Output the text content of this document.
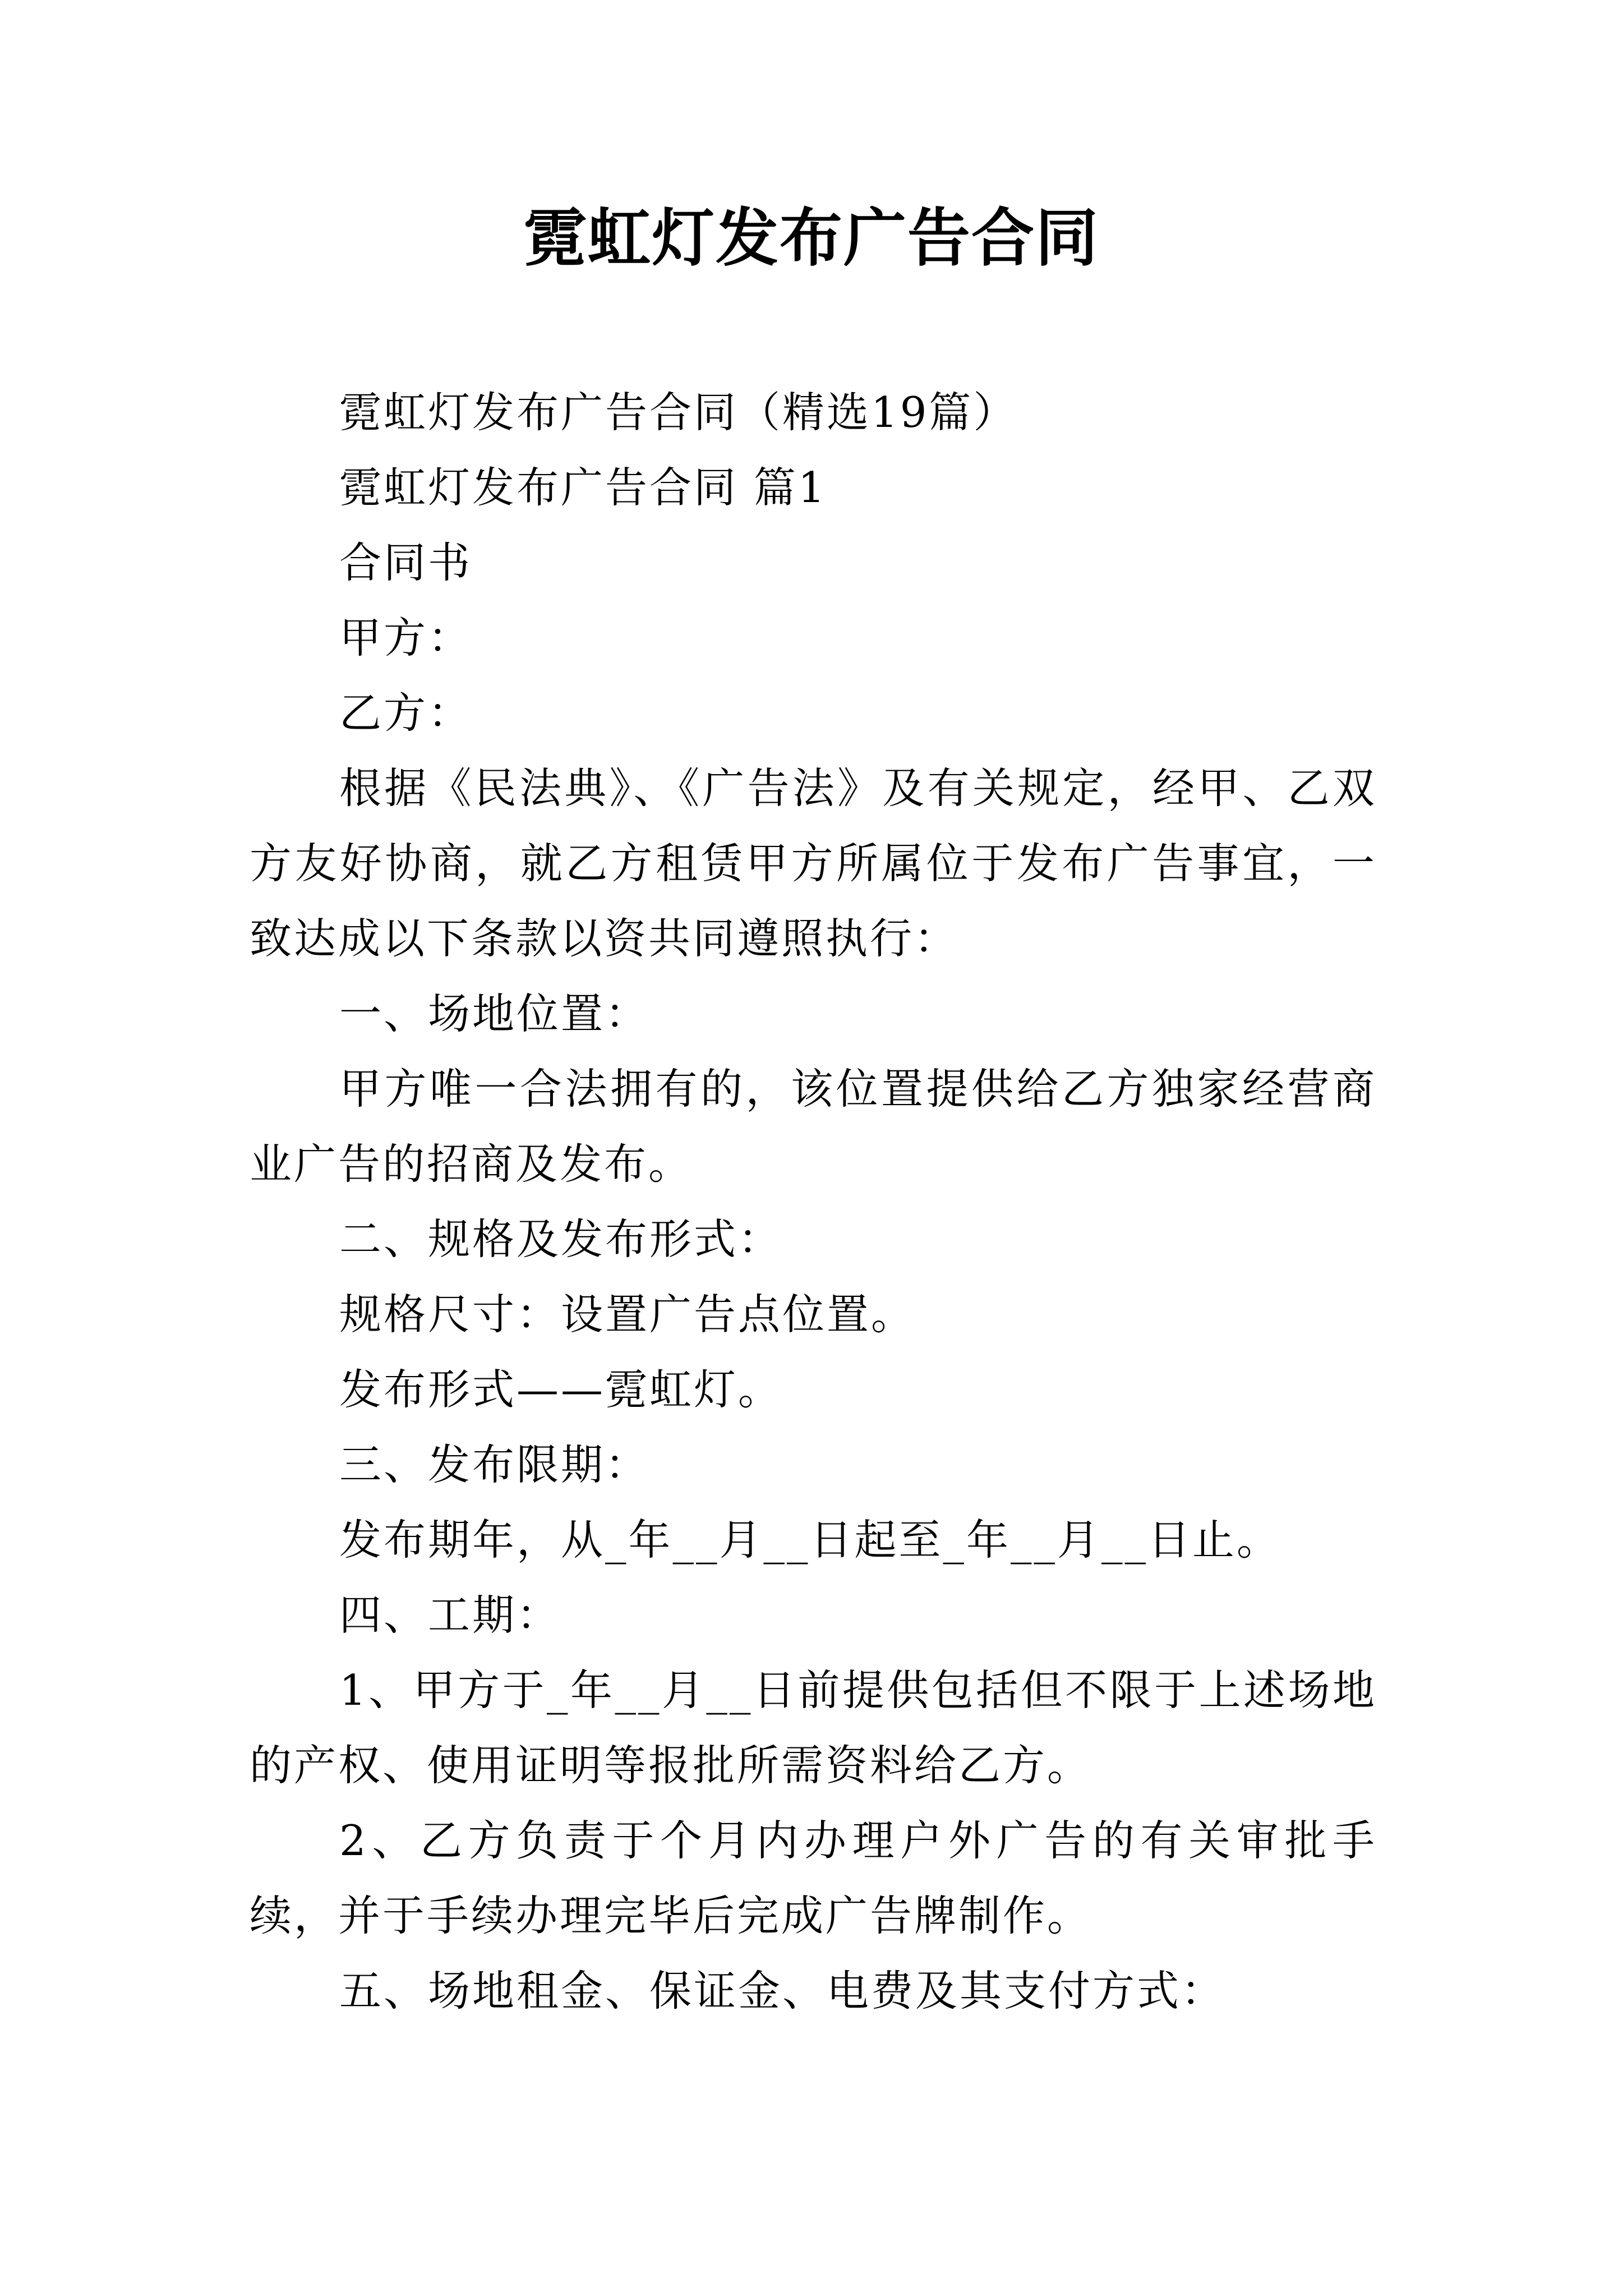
霓虹灯发布广告合同

霓虹灯发布广告合同（精选19篇）

霓虹灯发布广告合同 篇1

合同书

甲方：

乙方：

根据《民法典》、《广告法》及有关规定，经甲、乙双方友好协商，就乙方租赁甲方所属位于发布广告事宜，一致达成以下条款以资共同遵照执行：

一、场地位置：

甲方唯一合法拥有的，该位置提供给乙方独家经营商业广告的招商及发布。

二、规格及发布形式：

规格尺寸：设置广告点位置。

发布形式——霓虹灯。

三、发布限期：

发布期年，从_年__月__日起至_年__月__日止。

四、工期：

1、甲方于_年__月__日前提供包括但不限于上述场地的产权、使用证明等报批所需资料给乙方。

2、乙方负责于个月内办理户外广告的有关审批手续，并于手续办理完毕后完成广告牌制作。

五、场地租金、保证金、电费及其支付方式：
